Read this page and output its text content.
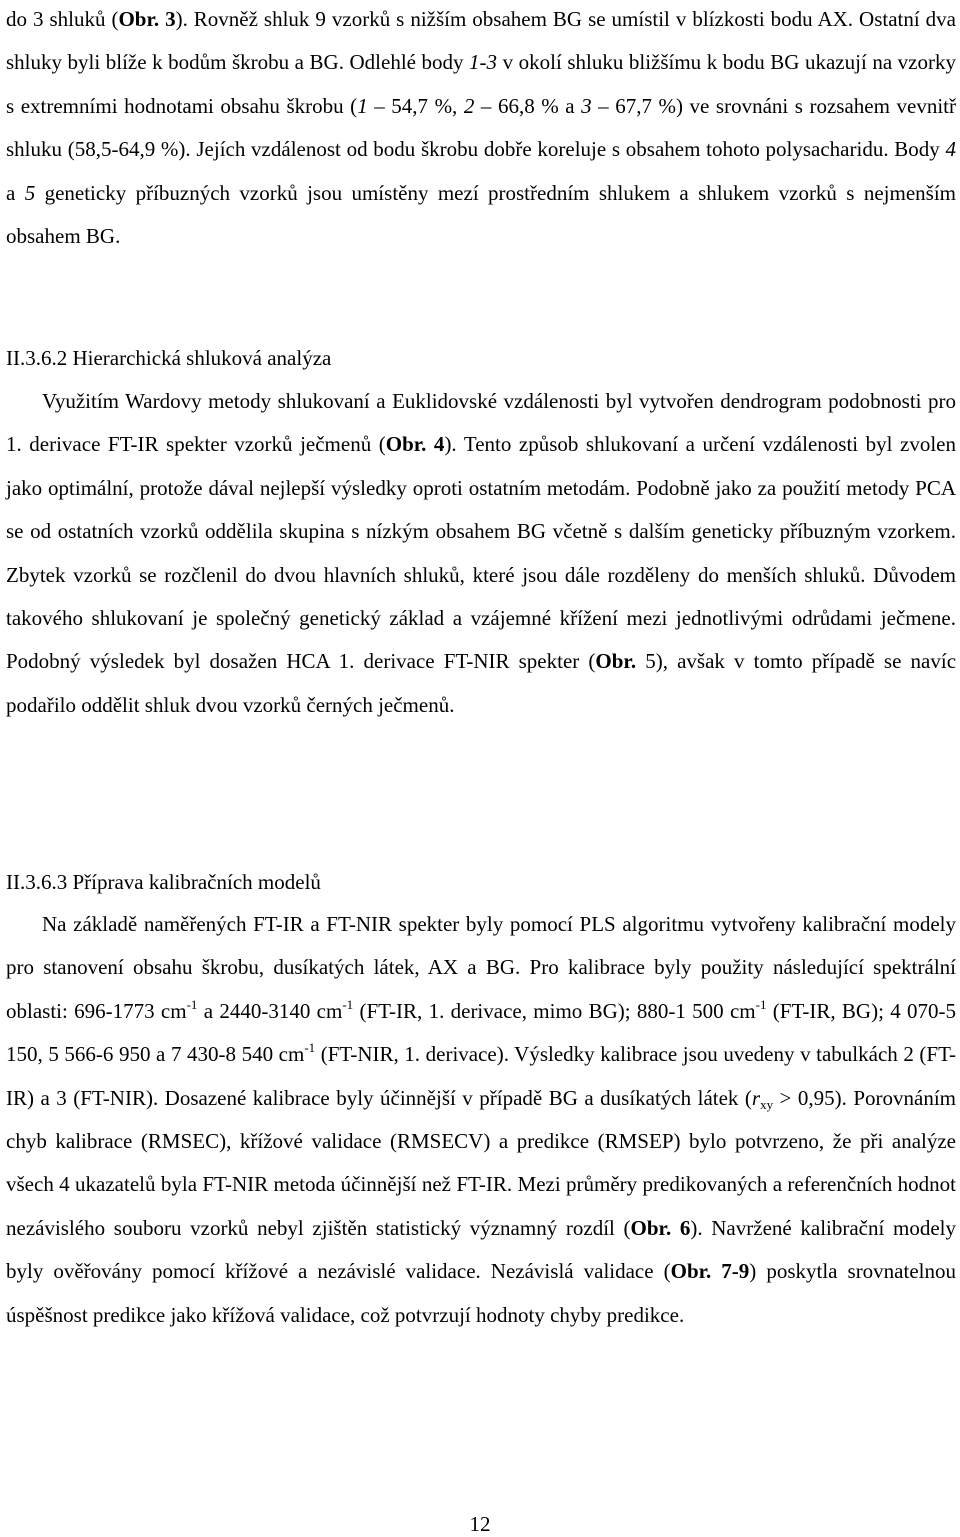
do 3 shluků (Obr. 3). Rovněž shluk 9 vzorků s nižším obsahem BG se umístil v blízkosti bodu AX. Ostatní dva shluky byli blíže k bodům škrobu a BG. Odlehlé body 1-3 v okolí shluku bližšímu k bodu BG ukazují na vzorky s extremními hodnotami obsahu škrobu (1 – 54,7 %, 2 – 66,8 % a 3 – 67,7 %) ve srovnáni s rozsahem vevnitř shluku (58,5-64,9 %). Jejích vzdálenost od bodu škrobu dobře koreluje s obsahem tohoto polysacharidu. Body 4 a 5 geneticky příbuzných vzorků jsou umístěny mezí prostředním shlukem a shlukem vzorků s nejmenším obsahem BG.

II.3.6.2 Hierarchická shluková analýza

Využitím Wardovy metody shlukovaní a Euklidovské vzdálenosti byl vytvořen dendrogram podobnosti pro 1. derivace FT-IR spekter vzorků ječmenů (Obr. 4). Tento způsob shlukovaní a určení vzdálenosti byl zvolen jako optimální, protože dával nejlepší výsledky oproti ostatním metodám. Podobně jako za použití metody PCA se od ostatních vzorků oddělila skupina s nízkým obsahem BG včetně s dalším geneticky příbuzným vzorkem. Zbytek vzorků se rozčlenil do dvou hlavních shluků, které jsou dále rozděleny do menších shluků. Důvodem takového shlukovaní je společný genetický základ a vzájemné křížení mezi jednotlivými odrůdami ječmene. Podobný výsledek byl dosažen HCA 1. derivace FT-NIR spekter (Obr. 5), avšak v tomto případě se navíc podařilo oddělit shluk dvou vzorků černých ječmenů.

II.3.6.3 Příprava kalibračních modelů

Na základě naměřených FT-IR a FT-NIR spekter byly pomocí PLS algoritmu vytvořeny kalibrační modely pro stanovení obsahu škrobu, dusíkatých látek, AX a BG. Pro kalibrace byly použity následující spektrální oblasti: 696-1773 $cm^{-1}$ a 2440-3140 $cm^{-1}$ (FT-IR, 1. derivace, mimo BG); 880-1 500 $cm^{-1}$ (FT-IR, BG); 4 070-5 150, 5 566-6 950 a 7 430-8 540 $cm^{-1}$ (FT-NIR, 1. derivace). Výsledky kalibrace jsou uvedeny v tabulkách 2 (FT-IR) a 3 (FT-NIR). Dosazené kalibrace byly účinnější v případě BG a dusíkatých látek $(r_{xy} > 0,95)$. Porovnáním chyb kalibrace (RMSEC), křížové validace (RMSECV) a predikce (RMSEP) bylo potvrzeno, že při analýze všech 4 ukazatelů byla FT-NIR metoda účinnější než FT-IR. Mezi průměry predikovaných a referenčních hodnot nezávislého souboru vzorků nebyl zjištěn statistický významný rozdíl (Obr. 6). Navržené kalibrační modely byly ověřovány pomocí křížové a nezávislé validace. Nezávislá validace (Obr. 7-9) poskytla srovnatelnou úspěšnost predikce jako křížová validace, což potvrzují hodnoty chyby predikce.

12
